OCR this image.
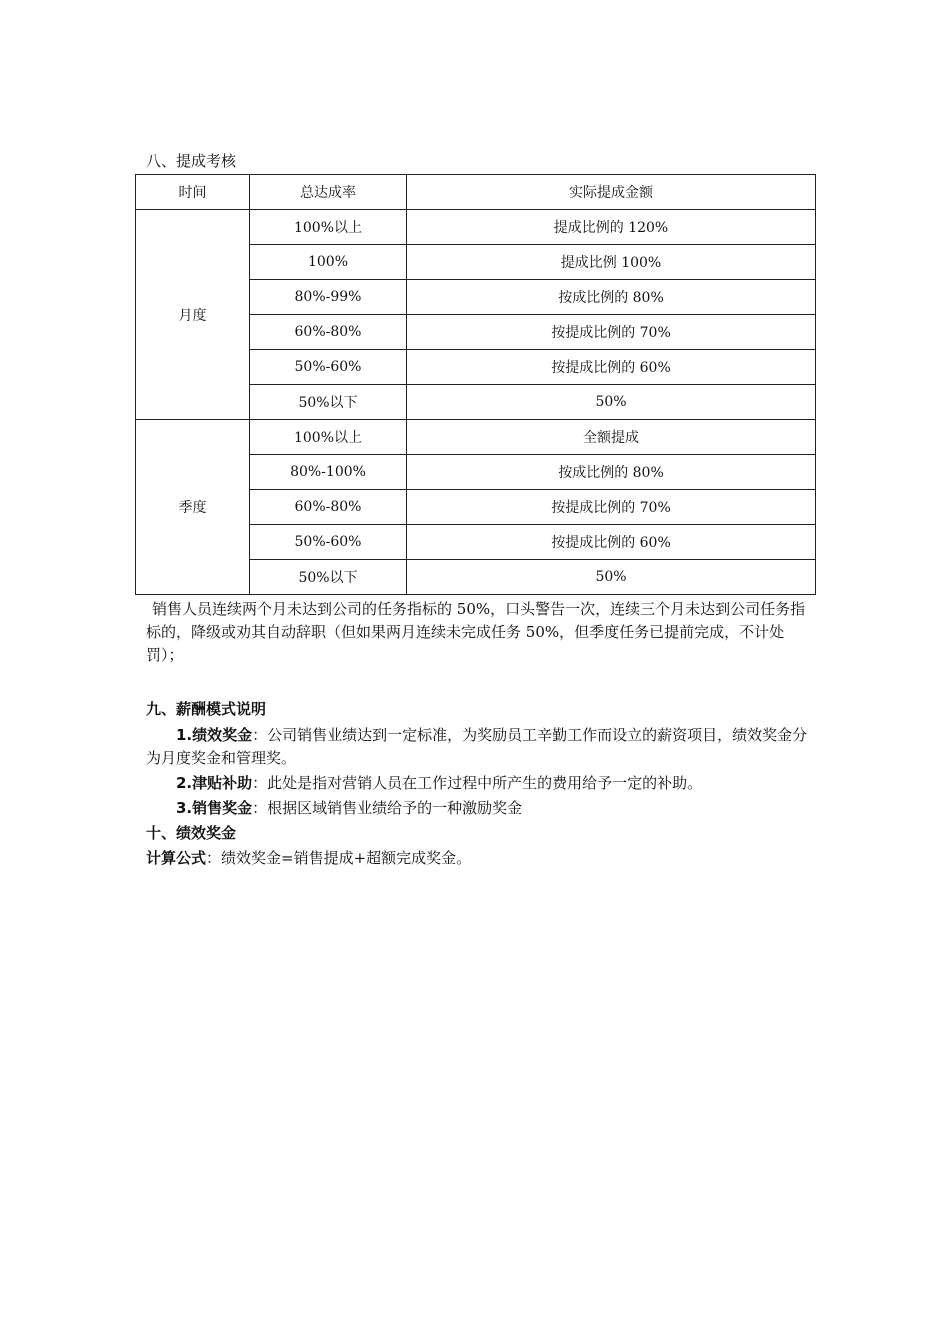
八、提成考核
时间	总达成率	实际提成金额
月度	100%以上	提成比例的 120%
	100%	提成比例 100%
	80%-99%	按成比例的 80%
	60%-80%	按提成比例的 70%
	50%-60%	按提成比例的 60%
	50%以下	50%
季度	100%以上	全额提成
	80%-100%	按成比例的 80%
	60%-80%	按提成比例的 70%
	50%-60%	按提成比例的 60%
	50%以下	50%
销售人员连续两个月未达到公司的任务指标的 50%，口头警告一次，连续三个月未达到公司任务指标的，降级或劝其自动辞职（但如果两月连续未完成任务 50%，但季度任务已提前完成，不计处罚）；
九、薪酬模式说明
1.绩效奖金：公司销售业绩达到一定标准，为奖励员工辛勤工作而设立的薪资项目，绩效奖金分为月度奖金和管理奖。
2.津贴补助：此处是指对营销人员在工作过程中所产生的费用给予一定的补助。
3.销售奖金：根据区域销售业绩给予的一种激励奖金
十、绩效奖金
计算公式：绩效奖金=销售提成+超额完成奖金。
